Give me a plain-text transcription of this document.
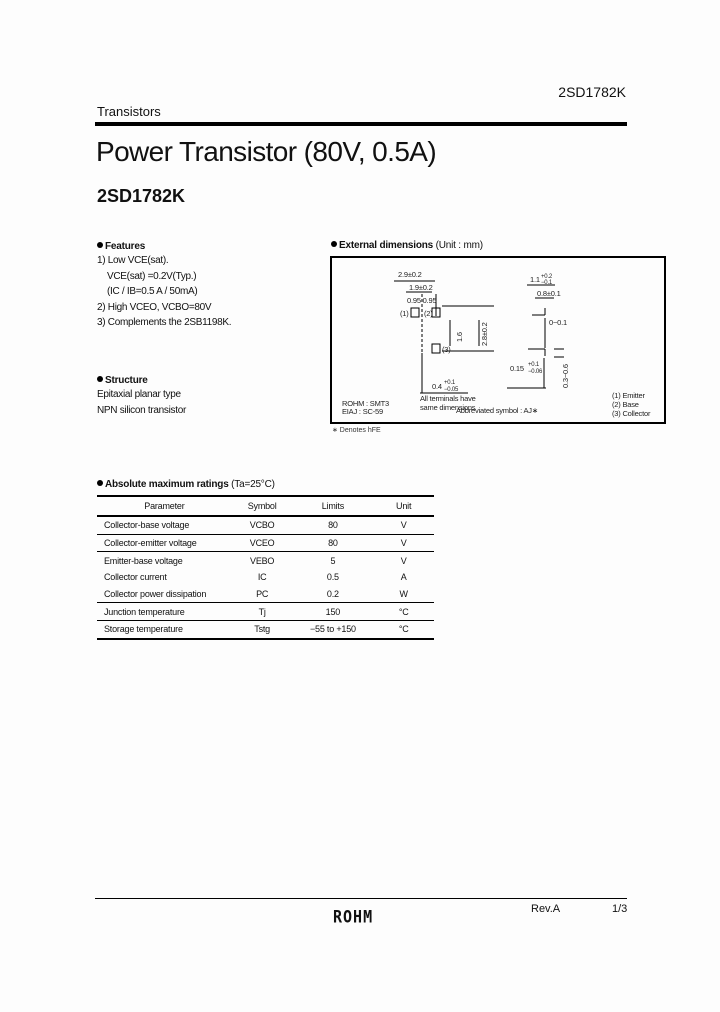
2SD1782K
Transistors
Power Transistor (80V, 0.5A)
2SD1782K
Features
1) Low VCE(sat).
VCE(sat) =0.2V(Typ.)
(IC / IB=0.5 A / 50mA)
2) High VCEO, VCBO=80V
3) Complements the 2SB1198K.
Structure
Epitaxial planar type
NPN silicon transistor
External dimensions (Unit : mm)
2.9±0.2
1.9±0.2
0.95 0.95
(1) (2)
(3)
1.6 2.8±0.2
0.4 +0.1
−0.05
All terminals have
same dimensions
1.1 +0.2
−0.1
0.8±0.1
0~0.1
0.15 +0.1
−0.06	0.3~0.6
ROHM : SMT3
EIAJ : SC-59	Abbreviated symbol : AJ∗
(1) Emitter
(2) Base
(3) Collector
∗ Denotes hFE
Absolute maximum ratings (Ta=25°C)
Parameter	Symbol	Limits	Unit
Collector-base voltage	VCBO	80	V
Collector-emitter voltage	VCEO	80	V
Emitter-base voltage	VEBO	5	V
Collector current	IC	0.5	A
Collector power dissipation	PC	0.2	W
Junction temperature	Tj	150	°C
Storage temperature	Tstg	−55 to +150	°C
ROHM	Rev.A	1/3
